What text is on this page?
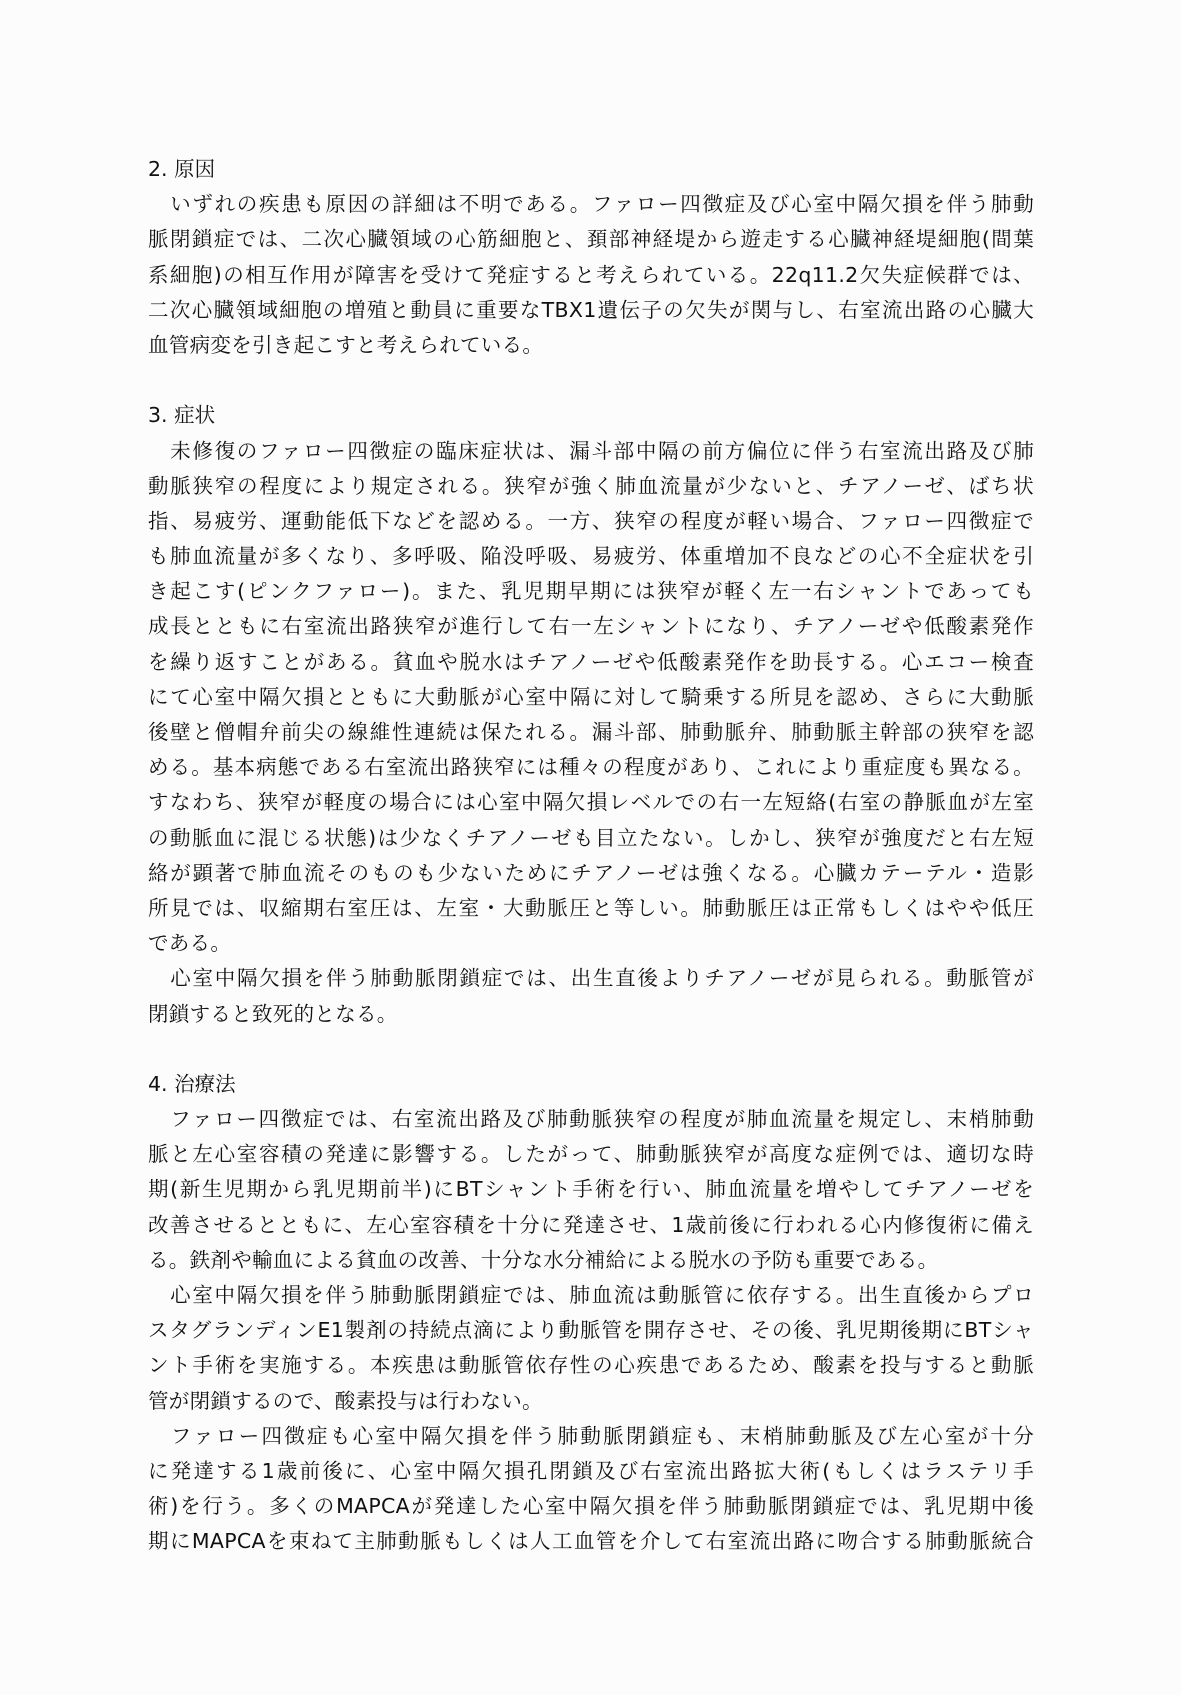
2. 原因
　いずれの疾患も原因の詳細は不明である。ファロー四徴症及び心室中隔欠損を伴う肺動
脈閉鎖症では、二次心臓領域の心筋細胞と、頚部神経堤から遊走する心臓神経堤細胞(間葉
系細胞)の相互作用が障害を受けて発症すると考えられている。22q11.2欠失症候群では、
二次心臓領域細胞の増殖と動員に重要なTBX1遺伝子の欠失が関与し、右室流出路の心臓大
血管病変を引き起こすと考えられている。
3. 症状
　未修復のファロー四徴症の臨床症状は、漏斗部中隔の前方偏位に伴う右室流出路及び肺
動脈狭窄の程度により規定される。狭窄が強く肺血流量が少ないと、チアノーゼ、ばち状
指、易疲労、運動能低下などを認める。一方、狭窄の程度が軽い場合、ファロー四徴症で
も肺血流量が多くなり、多呼吸、陥没呼吸、易疲労、体重増加不良などの心不全症状を引
き起こす(ピンクファロー)。また、乳児期早期には狭窄が軽く左一右シャントであっても
成長とともに右室流出路狭窄が進行して右一左シャントになり、チアノーゼや低酸素発作
を繰り返すことがある。貧血や脱水はチアノーゼや低酸素発作を助長する。心エコー検査
にて心室中隔欠損とともに大動脈が心室中隔に対して騎乗する所見を認め、さらに大動脈
後壁と僧帽弁前尖の線維性連続は保たれる。漏斗部、肺動脈弁、肺動脈主幹部の狭窄を認
める。基本病態である右室流出路狭窄には種々の程度があり、これにより重症度も異なる。
すなわち、狭窄が軽度の場合には心室中隔欠損レベルでの右一左短絡(右室の静脈血が左室
の動脈血に混じる状態)は少なくチアノーゼも目立たない。しかし、狭窄が強度だと右左短
絡が顕著で肺血流そのものも少ないためにチアノーゼは強くなる。心臓カテーテル・造影
所見では、収縮期右室圧は、左室・大動脈圧と等しい。肺動脈圧は正常もしくはやや低圧
である。
　心室中隔欠損を伴う肺動脈閉鎖症では、出生直後よりチアノーゼが見られる。動脈管が
閉鎖すると致死的となる。
4. 治療法
　ファロー四徴症では、右室流出路及び肺動脈狭窄の程度が肺血流量を規定し、末梢肺動
脈と左心室容積の発達に影響する。したがって、肺動脈狭窄が高度な症例では、適切な時
期(新生児期から乳児期前半)にBTシャント手術を行い、肺血流量を増やしてチアノーゼを
改善させるとともに、左心室容積を十分に発達させ、1歳前後に行われる心内修復術に備え
る。鉄剤や輸血による貧血の改善、十分な水分補給による脱水の予防も重要である。
　心室中隔欠損を伴う肺動脈閉鎖症では、肺血流は動脈管に依存する。出生直後からプロ
スタグランディンE1製剤の持続点滴により動脈管を開存させ、その後、乳児期後期にBTシャ
ント手術を実施する。本疾患は動脈管依存性の心疾患であるため、酸素を投与すると動脈
管が閉鎖するので、酸素投与は行わない。
　ファロー四徴症も心室中隔欠損を伴う肺動脈閉鎖症も、末梢肺動脈及び左心室が十分
に発達する1歳前後に、心室中隔欠損孔閉鎖及び右室流出路拡大術(もしくはラステリ手
術)を行う。多くのMAPCAが発達した心室中隔欠損を伴う肺動脈閉鎖症では、乳児期中後
期にMAPCAを束ねて主肺動脈もしくは人工血管を介して右室流出路に吻合する肺動脈統合
